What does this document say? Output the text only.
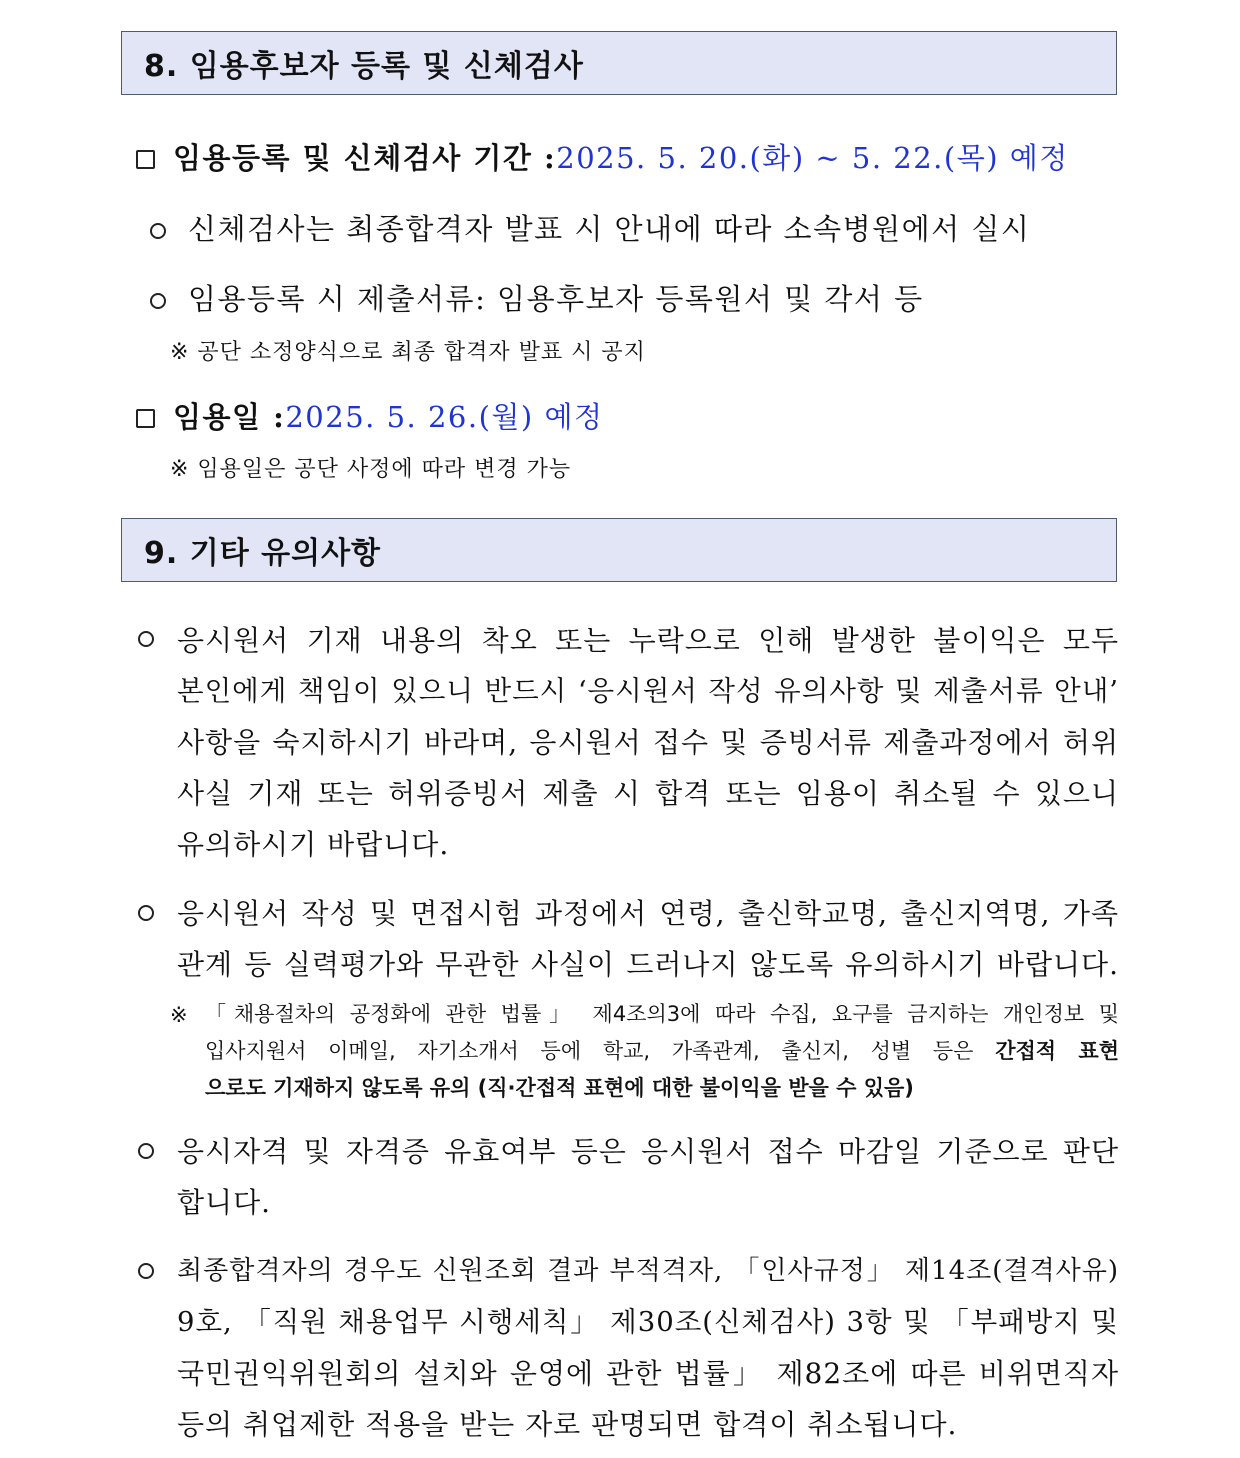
8. 임용후보자 등록 및 신체검사
임용등록 및 신체검사 기간 : 2025. 5. 20.(화) ~ 5. 22.(목) 예정
신체검사는 최종합격자 발표 시 안내에 따라 소속병원에서 실시
임용등록 시 제출서류: 임용후보자 등록원서 및 각서 등
※ 공단 소정양식으로 최종 합격자 발표 시 공지
임용일 : 2025. 5. 26.(월) 예정
※ 임용일은 공단 사정에 따라 변경 가능
9. 기타 유의사항
응시원서 기재 내용의 착오 또는 누락으로 인해 발생한 불이익은 모두
본인에게 책임이 있으니 반드시 ‘응시원서 작성 유의사항 및 제출서류 안내’
사항을 숙지하시기 바라며, 응시원서 접수 및 증빙서류 제출과정에서 허위
사실 기재 또는 허위증빙서 제출 시 합격 또는 임용이 취소될 수 있으니
유의하시기 바랍니다.
응시원서 작성 및 면접시험 과정에서 연령, 출신학교명, 출신지역명, 가족
관계 등 실력평가와 무관한 사실이 드러나지 않도록 유의하시기 바랍니다.
※ 「채용절차의 공정화에 관한 법률」 제4조의3에 따라 수집, 요구를 금지하는 개인정보 및
입사지원서 이메일, 자기소개서 등에 학교, 가족관계, 출신지, 성별 등은 간접적 표현
으로도 기재하지 않도록 유의 (직·간접적 표현에 대한 불이익을 받을 수 있음)
응시자격 및 자격증 유효여부 등은 응시원서 접수 마감일 기준으로 판단
합니다.
최종합격자의 경우도 신원조회 결과 부적격자, 「인사규정」 제14조(결격사유)
9호, 「직원 채용업무 시행세칙」 제30조(신체검사) 3항 및 「부패방지 및
국민권익위원회의 설치와 운영에 관한 법률」 제82조에 따른 비위면직자
등의 취업제한 적용을 받는 자로 판명되면 합격이 취소됩니다.
